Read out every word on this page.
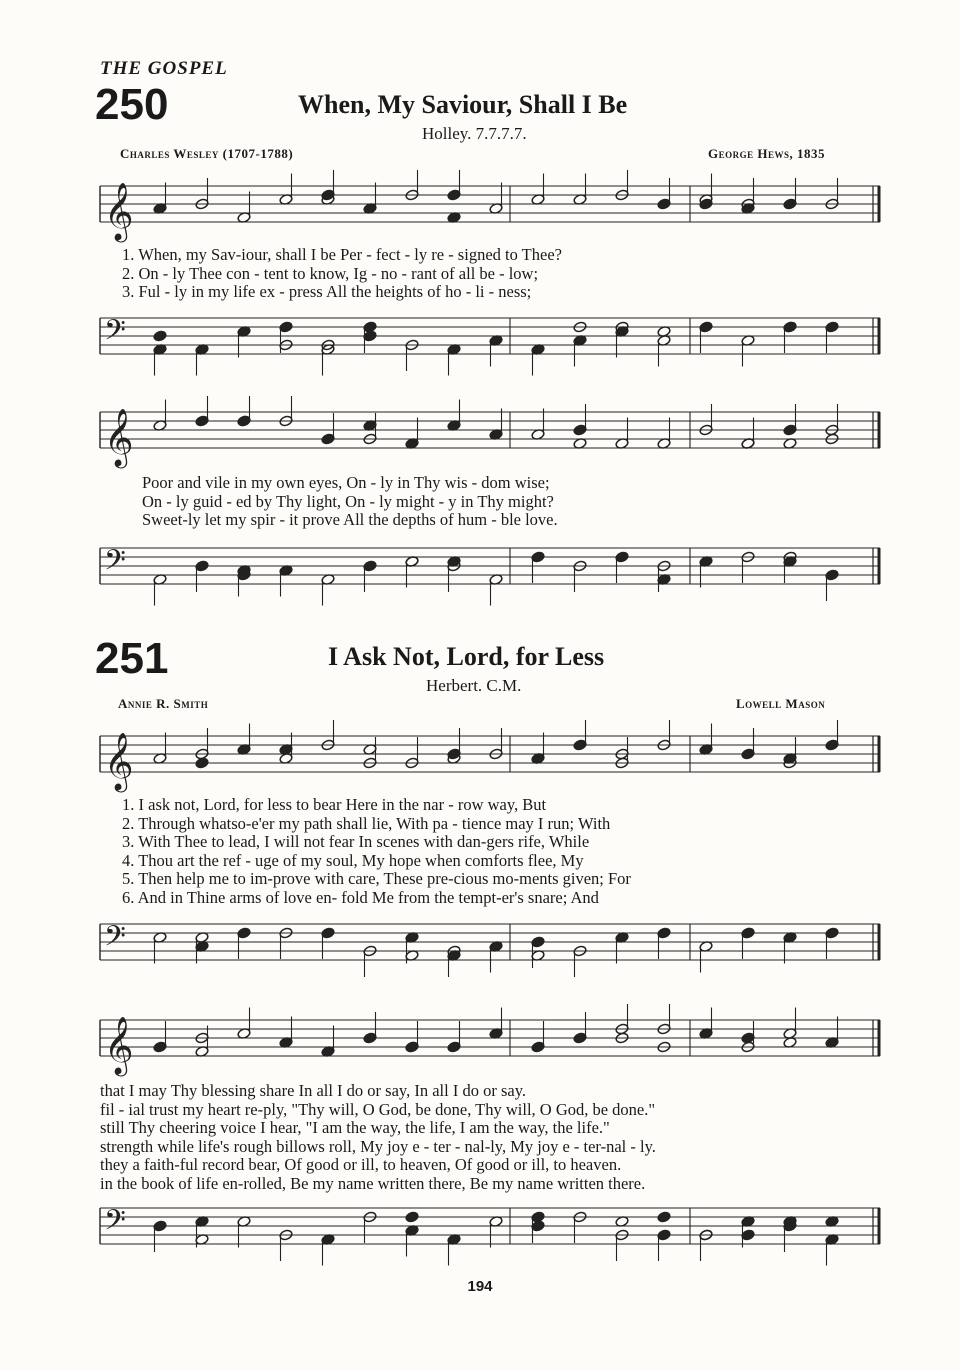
THE GOSPEL
250	When, My Saviour, Shall I Be
Holley. 7.7.7.7.
Charles Wesley (1707-1788)	George Hews, 1835
𝄞
1. When, my Sav-iour, shall I be Per - fect - ly re - signed to Thee?
2. On - ly Thee con - tent to know, Ig - no - rant of all be - low;
3. Ful - ly in my life ex - press All the heights of ho - li - ness;
𝄢
𝄞
Poor and vile in my own eyes, On - ly in Thy wis - dom wise;
On - ly guid - ed by Thy light, On - ly might - y in Thy might?
Sweet-ly let my spir - it prove All the depths of hum - ble love.
𝄢
251	I Ask Not, Lord, for Less
Herbert. C.M.
Annie R. Smith	Lowell Mason
𝄞
1. I ask not, Lord, for less to bear Here in the nar - row way, But
2. Through whatso-e'er my path shall lie, With pa - tience may I run; With
3. With Thee to lead, I will not fear In scenes with dan-gers rife, While
4. Thou art the ref - uge of my soul, My hope when comforts flee, My
5. Then help me to im-prove with care, These pre-cious mo-ments given; For
6. And in Thine arms of love en- fold Me from the tempt-er's snare; And
𝄢
𝄞
that I may Thy blessing share In all I do or say, In all I do or say.
fil - ial trust my heart re-ply, "Thy will, O God, be done, Thy will, O God, be done."
still Thy cheering voice I hear, "I am the way, the life, I am the way, the life."
strength while life's rough billows roll, My joy e - ter - nal-ly, My joy e - ter-nal - ly.
they a faith-ful record bear, Of good or ill, to heaven, Of good or ill, to heaven.
in the book of life en-rolled, Be my name written there, Be my name written there.
𝄢
194
